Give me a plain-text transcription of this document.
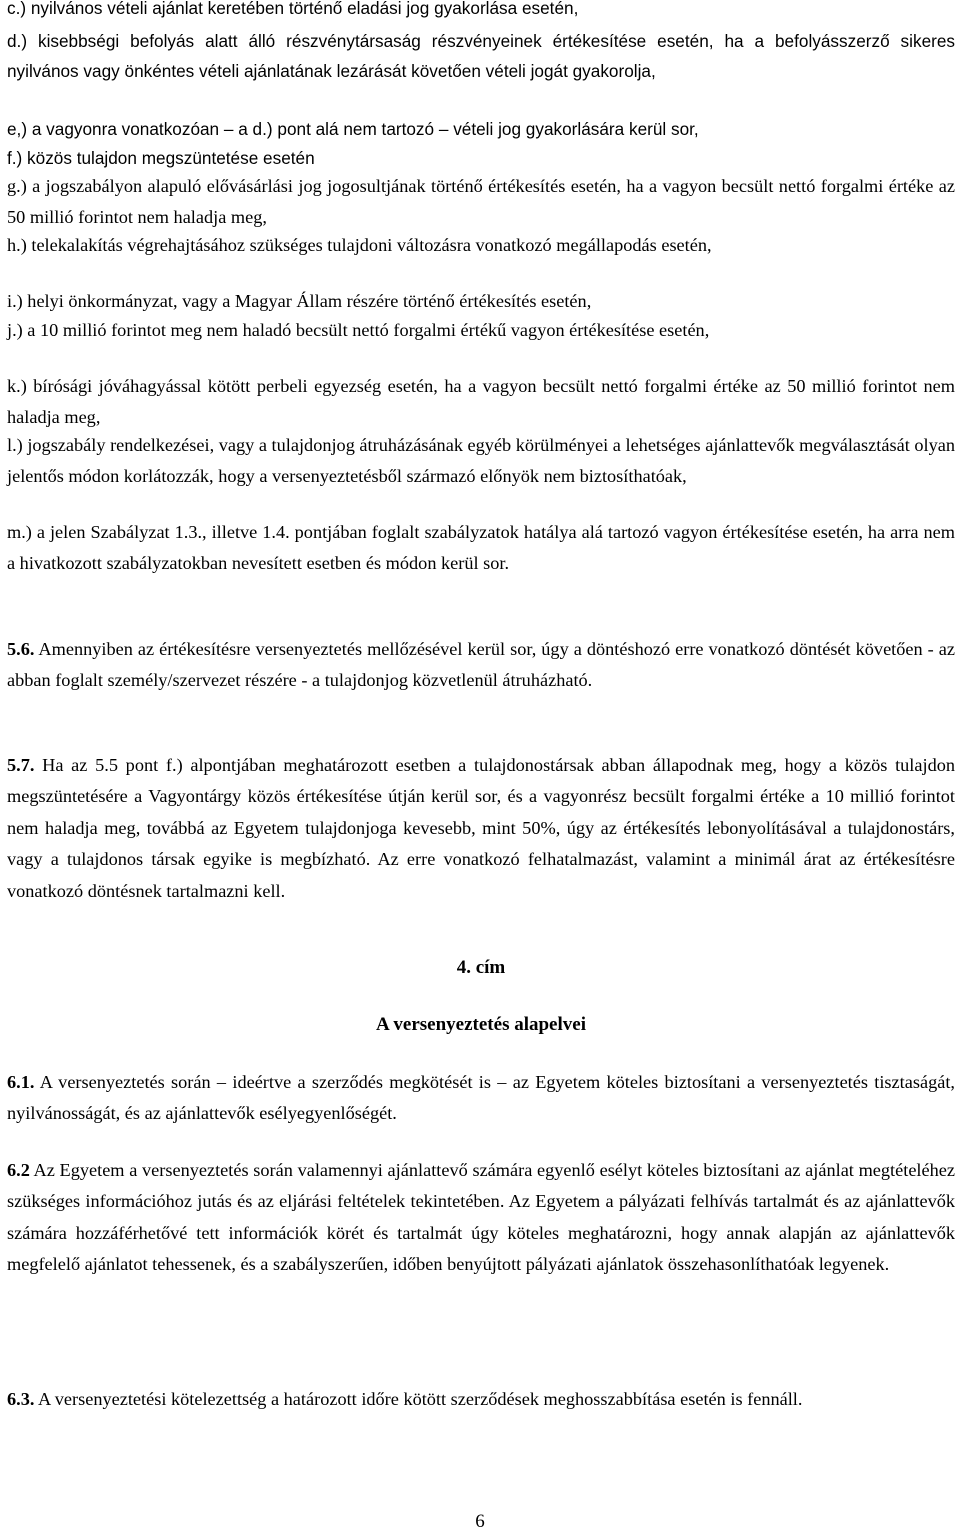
c.) nyilvános vételi ajánlat keretében történő eladási jog gyakorlása esetén,

d.) kisebbségi befolyás alatt álló részvénytársaság részvényeinek értékesítése esetén, ha a befolyásszerző sikeres nyilvános vagy önkéntes vételi ajánlatának lezárását követően vételi jogát gyakorolja,

e,) a vagyonra vonatkozóan – a d.) pont alá nem tartozó – vételi jog gyakorlására kerül sor,

f.) közös tulajdon megszüntetése esetén

g.) a jogszabályon alapuló elővásárlási jog jogosultjának történő értékesítés esetén, ha a vagyon becsült nettó forgalmi értéke az 50 millió forintot nem haladja meg,

h.) telekalakítás végrehajtásához szükséges tulajdoni változásra vonatkozó megállapodás esetén,

i.) helyi önkormányzat, vagy a Magyar Állam részére történő értékesítés esetén,

j.) a 10 millió forintot meg nem haladó becsült nettó forgalmi értékű vagyon értékesítése esetén,

k.) bírósági jóváhagyással kötött perbeli egyezség esetén, ha a vagyon becsült nettó forgalmi értéke az 50 millió forintot nem haladja meg,

l.) jogszabály rendelkezései, vagy a tulajdonjog átruházásának egyéb körülményei a lehetséges ajánlattevők megválasztását olyan jelentős módon korlátozzák, hogy a versenyeztetésből származó előnyök nem biztosíthatóak,

m.) a jelen Szabályzat 1.3., illetve 1.4. pontjában foglalt szabályzatok hatálya alá tartozó vagyon értékesítése esetén, ha arra nem a hivatkozott szabályzatokban nevesített esetben és módon kerül sor.

5.6. Amennyiben az értékesítésre versenyeztetés mellőzésével kerül sor, úgy a döntéshozó erre vonatkozó döntését követően - az abban foglalt személy/szervezet részére - a tulajdonjog közvetlenül átruházható.

5.7. Ha az 5.5 pont f.) alpontjában meghatározott esetben a tulajdonostársak abban állapodnak meg, hogy a közös tulajdon megszüntetésére a Vagyontárgy közös értékesítése útján kerül sor, és a vagyonrész becsült forgalmi értéke a 10 millió forintot nem haladja meg, továbbá az Egyetem tulajdonjoga kevesebb, mint 50%, úgy az értékesítés lebonyolításával a tulajdonostárs, vagy a tulajdonos társak egyike is megbízható. Az erre vonatkozó felhatalmazást, valamint a minimál árat az értékesítésre vonatkozó döntésnek tartalmazni kell.

4. cím

A versenyeztetés alapelvei

6.1. A versenyeztetés során – ideértve a szerződés megkötését is – az Egyetem köteles biztosítani a versenyeztetés tisztaságát, nyilvánosságát, és az ajánlattevők esélyegyenlőségét.

6.2 Az Egyetem a versenyeztetés során valamennyi ajánlattevő számára egyenlő esélyt köteles biztosítani az ajánlat megtételéhez szükséges információhoz jutás és az eljárási feltételek tekintetében. Az Egyetem a pályázati felhívás tartalmát és az ajánlattevők számára hozzáférhetővé tett információk körét és tartalmát úgy köteles meghatározni, hogy annak alapján az ajánlattevők megfelelő ajánlatot tehessenek, és a szabályszerűen, időben benyújtott pályázati ajánlatok összehasonlíthatóak legyenek.

6.3. A versenyeztetési kötelezettség a határozott időre kötött szerződések meghosszabbítása esetén is fennáll.

6
